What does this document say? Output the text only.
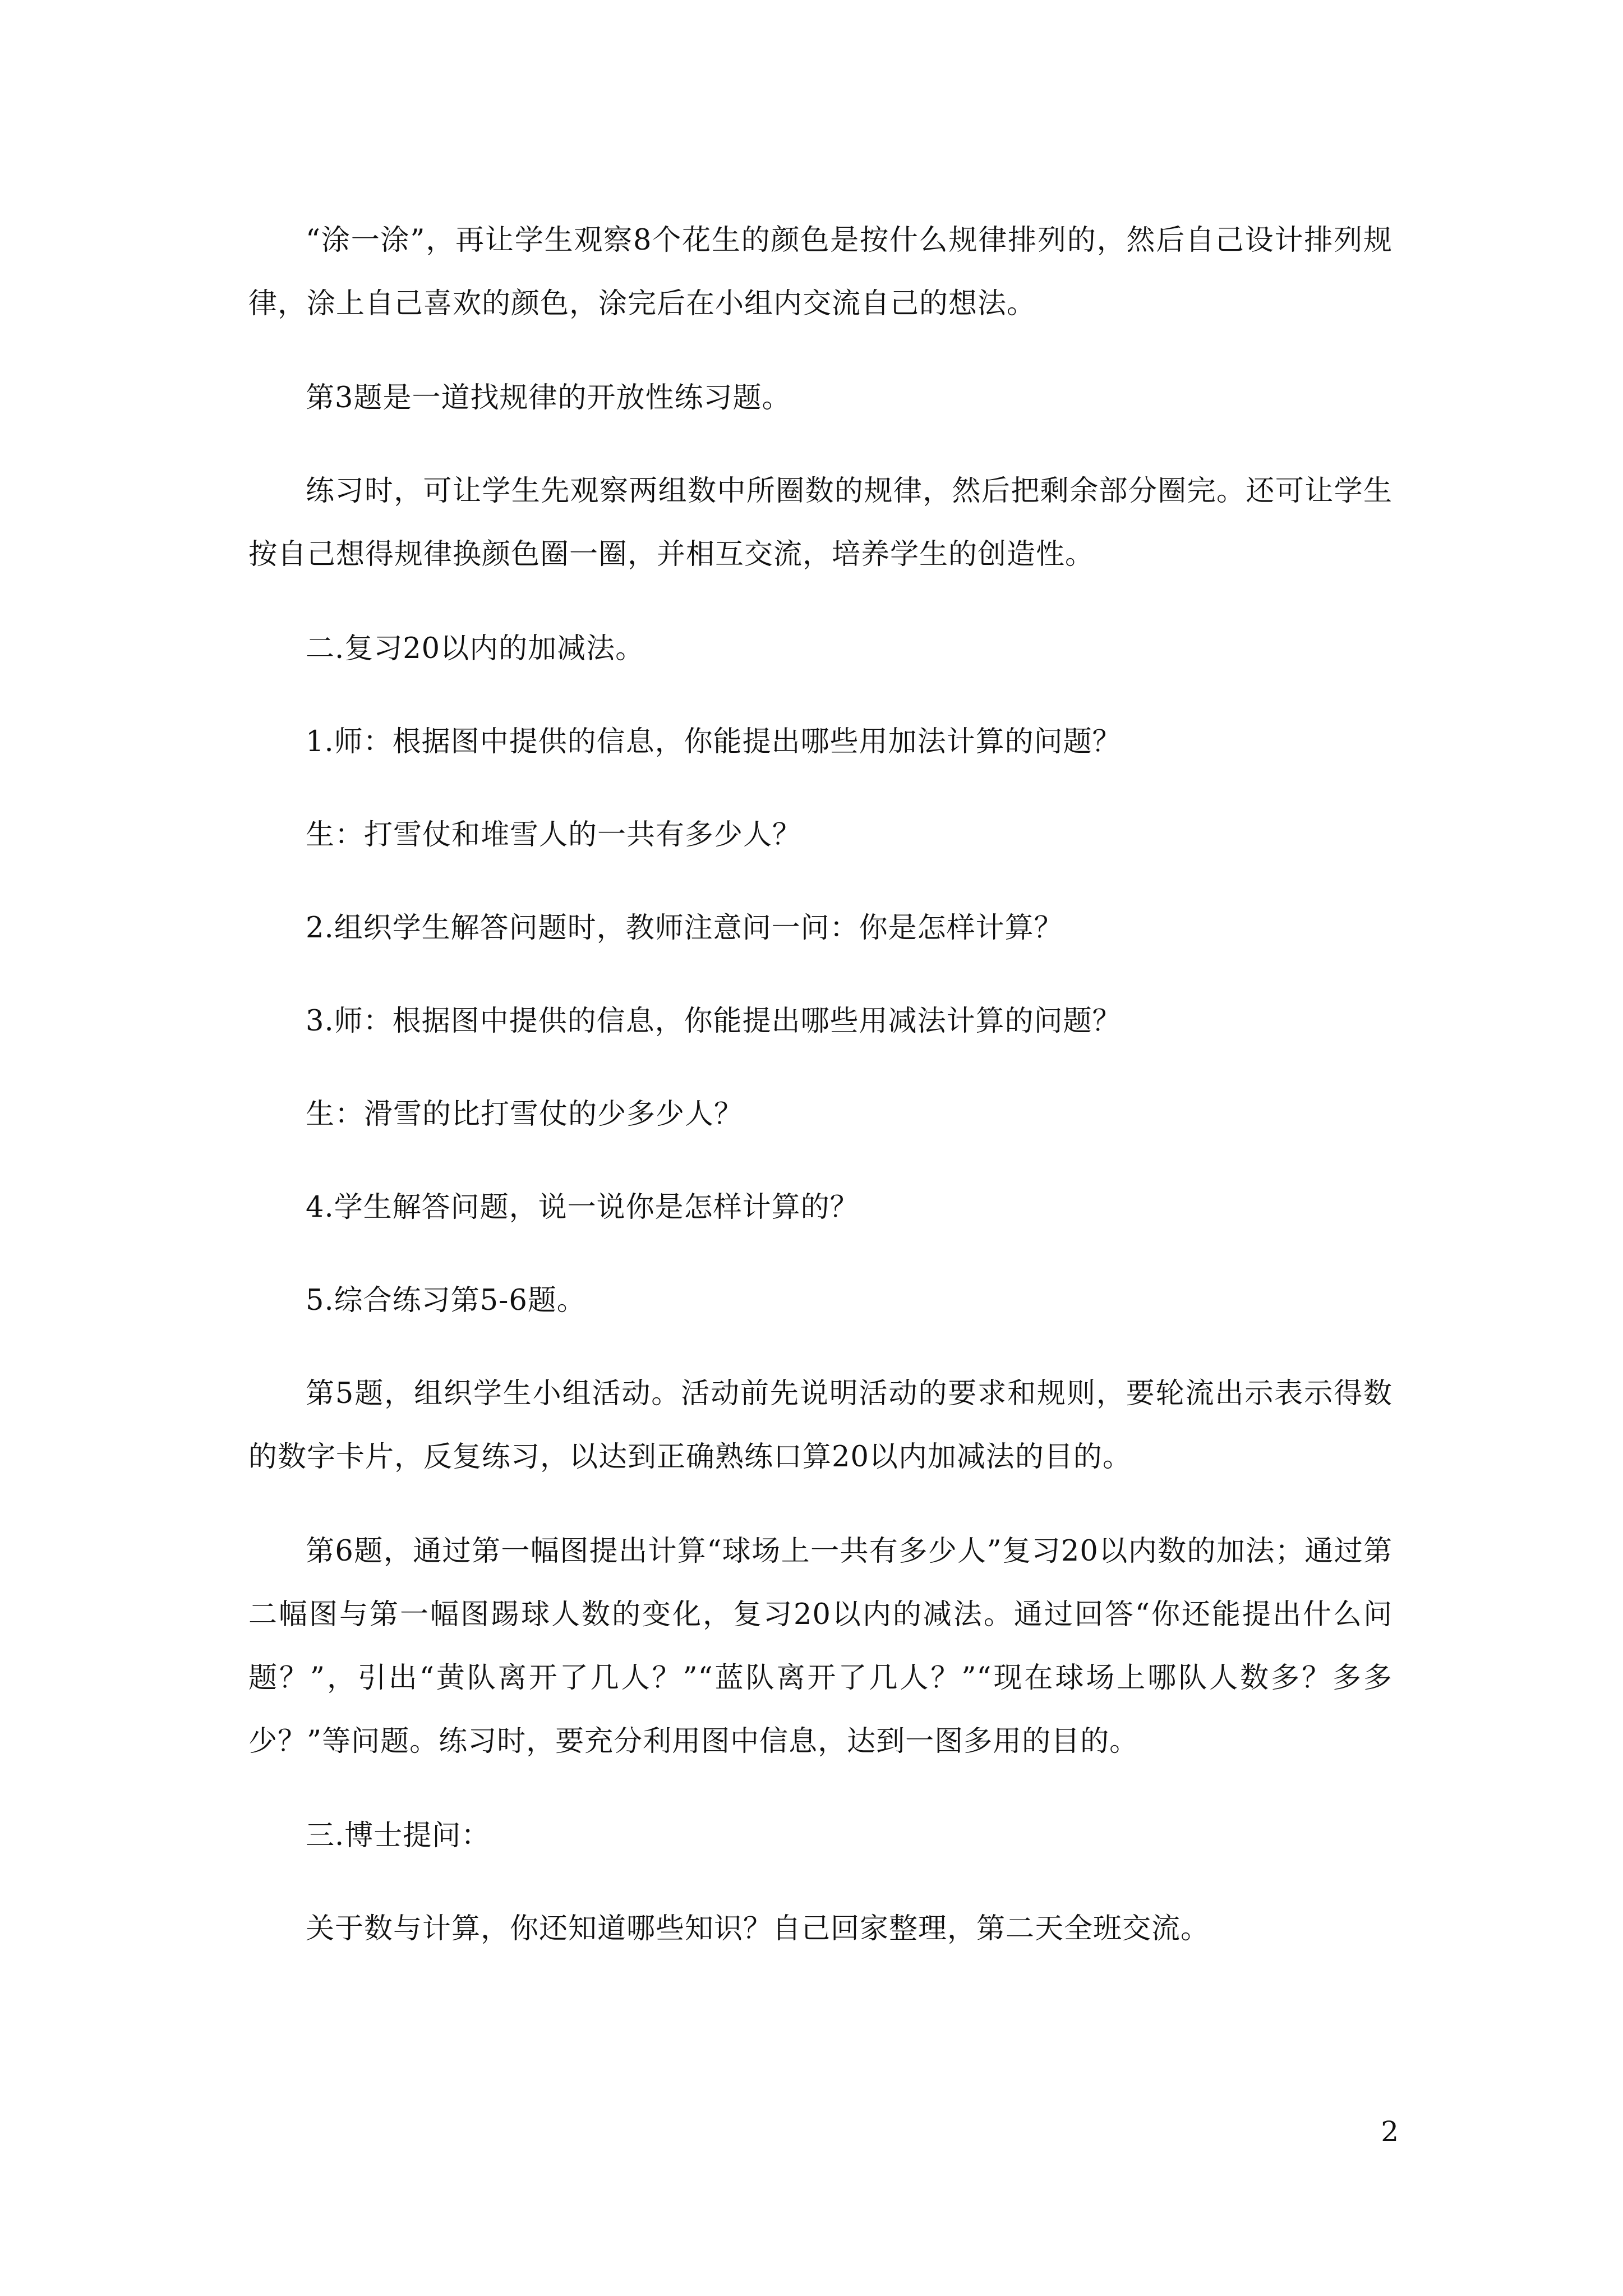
“涂一涂”，再让学生观察8个花生的颜色是按什么规律排列的，然后自己设计排列规律，涂上自己喜欢的颜色，涂完后在小组内交流自己的想法。

第3题是一道找规律的开放性练习题。

练习时，可让学生先观察两组数中所圈数的规律，然后把剩余部分圈完。还可让学生按自己想得规律换颜色圈一圈，并相互交流，培养学生的创造性。

二.复习20以内的加减法。

1.师：根据图中提供的信息，你能提出哪些用加法计算的问题？

生：打雪仗和堆雪人的一共有多少人？

2.组织学生解答问题时，教师注意问一问：你是怎样计算？

3.师：根据图中提供的信息，你能提出哪些用减法计算的问题？

生：滑雪的比打雪仗的少多少人？

4.学生解答问题，说一说你是怎样计算的？

5.综合练习第5-6题。

第5题，组织学生小组活动。活动前先说明活动的要求和规则，要轮流出示表示得数的数字卡片，反复练习，以达到正确熟练口算20以内加减法的目的。

第6题，通过第一幅图提出计算“球场上一共有多少人”复习20以内数的加法；通过第二幅图与第一幅图踢球人数的变化，复习20以内的减法。通过回答“你还能提出什么问题？”，引出“黄队离开了几人？”“蓝队离开了几人？”“现在球场上哪队人数多？多多少？”等问题。练习时，要充分利用图中信息，达到一图多用的目的。

三.博士提问：

关于数与计算，你还知道哪些知识？自己回家整理，第二天全班交流。

2
